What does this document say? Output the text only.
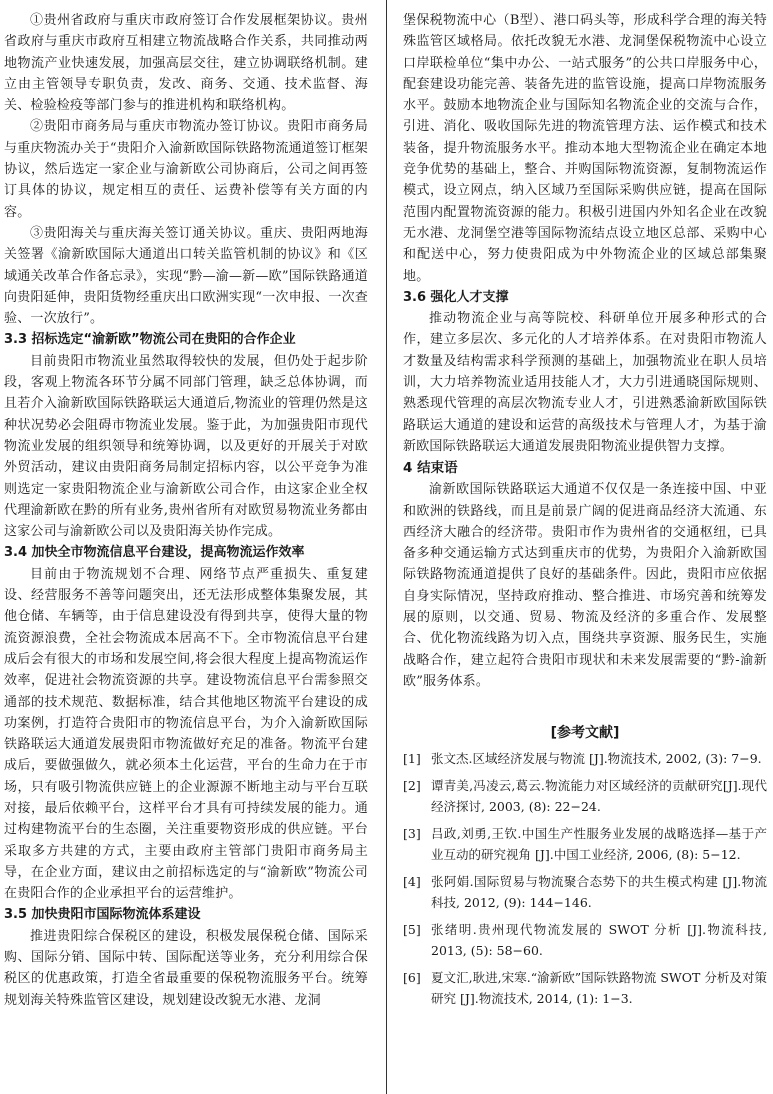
①贵州省政府与重庆市政府签订合作发展框架协议。贵州省政府与重庆市政府互相建立物流战略合作关系，共同推动两地物流产业快速发展，加强高层交往，建立协调联络机制。建立由主管领导专职负责，发改、商务、交通、技术监督、海关、检验检疫等部门参与的推进机构和联络机构。

②贵阳市商务局与重庆市物流办签订协议。贵阳市商务局与重庆物流办关于“贵阳介入渝新欧国际铁路物流通道签订框架协议，然后选定一家企业与渝新欧公司协商后，公司之间再签订具体的协议，规定相互的责任、运费补偿等有关方面的内容。

③贵阳海关与重庆海关签订通关协议。重庆、贵阳两地海关签署《渝新欧国际大通道出口转关监管机制的协议》和《区域通关改革合作备忘录》，实现“黔—渝—新—欧”国际铁路通道向贵阳延伸，贵阳货物经重庆出口欧洲实现“一次申报、一次查验、一次放行”。

3.3 招标选定“渝新欧”物流公司在贵阳的合作企业

目前贵阳市物流业虽然取得较快的发展，但仍处于起步阶段，客观上物流各环节分属不同部门管理，缺乏总体协调，而且若介入渝新欧国际铁路联运大通道后,物流业的管理仍然是这种状况势必会阻碍市物流业发展。鉴于此，为加强贵阳市现代物流业发展的组织领导和统筹协调，以及更好的开展关于对欧外贸活动，建议由贵阳商务局制定招标内容，以公平竞争为准则选定一家贵阳物流企业与渝新欧公司合作，由这家企业全权代理渝新欧在黔的所有业务,贵州省所有对欧贸易物流业务都由这家公司与渝新欧公司以及贵阳海关协作完成。

3.4 加快全市物流信息平台建设，提高物流运作效率

目前由于物流规划不合理、网络节点严重损失、重复建设、经营服务不善等问题突出，还无法形成整体集聚发展，其他仓储、车辆等，由于信息建设没有得到共享，使得大量的物流资源浪费，全社会物流成本居高不下。全市物流信息平台建成后会有很大的市场和发展空间,将会很大程度上提高物流运作效率，促进社会物流资源的共享。建设物流信息平台需参照交通部的技术规范、数据标准，结合其他地区物流平台建设的成功案例，打造符合贵阳市的物流信息平台，为介入渝新欧国际铁路联运大通道发展贵阳市物流做好充足的准备。物流平台建成后，要做强做久，就必须本土化运营，平台的生命力在于市场，只有吸引物流供应链上的企业源源不断地主动与平台互联对接，最后依赖平台，这样平台才具有可持续发展的能力。通过构建物流平台的生态圈，关注重要物资形成的供应链。平台采取多方共建的方式，主要由政府主管部门贵阳市商务局主导，在企业方面，建议由之前招标选定的与“渝新欧”物流公司在贵阳合作的企业承担平台的运营维护。

3.5 加快贵阳市国际物流体系建设

推进贵阳综合保税区的建设，积极发展保税仓储、国际采购、国际分销、国际中转、国际配送等业务，充分利用综合保税区的优惠政策，打造全省最重要的保税物流服务平台。统筹规划海关特殊监管区建设，规划建设改貌无水港、龙洞

堡保税物流中心（B型）、港口码头等，形成科学合理的海关特殊监管区域格局。依托改貌无水港、龙洞堡保税物流中心设立口岸联检单位“集中办公、一站式服务”的公共口岸服务中心，配套建设功能完善、装备先进的监管设施，提高口岸物流服务水平。鼓励本地物流企业与国际知名物流企业的交流与合作，引进、消化、吸收国际先进的物流管理方法、运作模式和技术装备，提升物流服务水平。推动本地大型物流企业在确定本地竞争优势的基础上，整合、并购国际物流资源，复制物流运作模式，设立网点，纳入区域乃至国际采购供应链，提高在国际范围内配置物流资源的能力。积极引进国内外知名企业在改貌无水港、龙洞堡空港等国际物流结点设立地区总部、采购中心和配送中心，努力使贵阳成为中外物流企业的区域总部集聚地。

3.6 强化人才支撑

推动物流企业与高等院校、科研单位开展多种形式的合作，建立多层次、多元化的人才培养体系。在对贵阳市物流人才数量及结构需求科学预测的基础上，加强物流业在职人员培训，大力培养物流业适用技能人才，大力引进通晓国际规则、熟悉现代管理的高层次物流专业人才，引进熟悉渝新欧国际铁路联运大通道的建设和运营的高级技术与管理人才，为基于渝新欧国际铁路联运大通道发展贵阳物流业提供智力支撑。

4 结束语

渝新欧国际铁路联运大通道不仅仅是一条连接中国、中亚和欧洲的铁路线，而且是前景广阔的促进商品经济大流通、东西经济大融合的经济带。贵阳市作为贵州省的交通枢纽，已具备多种交通运输方式达到重庆市的优势，为贵阳介入渝新欧国际铁路物流通道提供了良好的基础条件。因此，贵阳市应依据自身实际情况，坚持政府推动、整合推进、市场究善和统筹发展的原则，以交通、贸易、物流及经济的多重合作、发展整合、优化物流线路为切入点，围绕共享资源、服务民生，实施战略合作，建立起符合贵阳市现状和未来发展需要的“黔-渝新欧”服务体系。

[参考文献]
[1] 张文杰.区域经济发展与物流 [J].物流技术, 2002, (3): 7−9.
[2] 谭青美,冯凌云,葛云.物流能力对区域经济的贡献研究[J].现代经济探讨, 2003, (8): 22−24.
[3] 吕政,刘勇,王钦.中国生产性服务业发展的战略选择—基于产业互动的研究视角 [J].中国工业经济, 2006, (8): 5−12.
[4] 张阿娟.国际贸易与物流聚合态势下的共生模式构建 [J].物流科技, 2012, (9): 144−146.
[5] 张绪明.贵州现代物流发展的 SWOT 分析 [J].物流科技, 2013, (5): 58−60.
[6] 夏文汇,耿进,宋寒.“渝新欧”国际铁路物流 SWOT 分析及对策研究 [J].物流技术, 2014, (1): 1−3.
